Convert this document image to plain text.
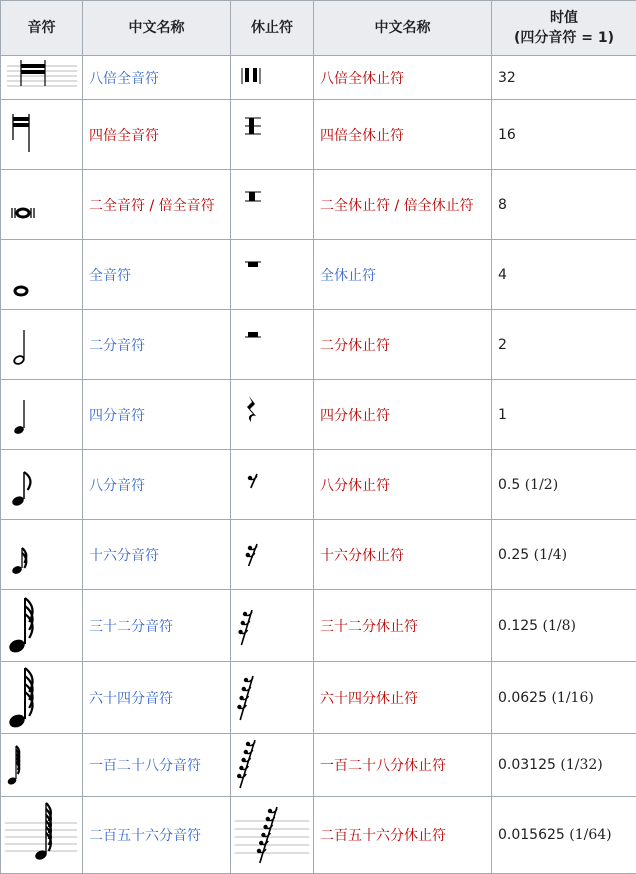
音符	中文名称	休止符	中文名称	时值
(四分音符 = 1)

	八倍全音符		八倍全休止符	32

	四倍全音符		四倍全休止符	16

	二全音符 / 倍全音符		二全休止符 / 倍全休止符	8

	全音符		全休止符	4

	二分音符		二分休止符	2

	四分音符		四分休止符	1

	八分音符		八分休止符	0.5 (1/2)

	十六分音符		十六分休止符	0.25 (1/4)

	三十二分音符		三十二分休止符	0.125 (1/8)

	六十四分音符		六十四分休止符	0.0625 (1/16)

	一百二十八分音符		一百二十八分休止符	0.03125 (1/32)

	二百五十六分音符		二百五十六分休止符	0.015625 (1/64)
